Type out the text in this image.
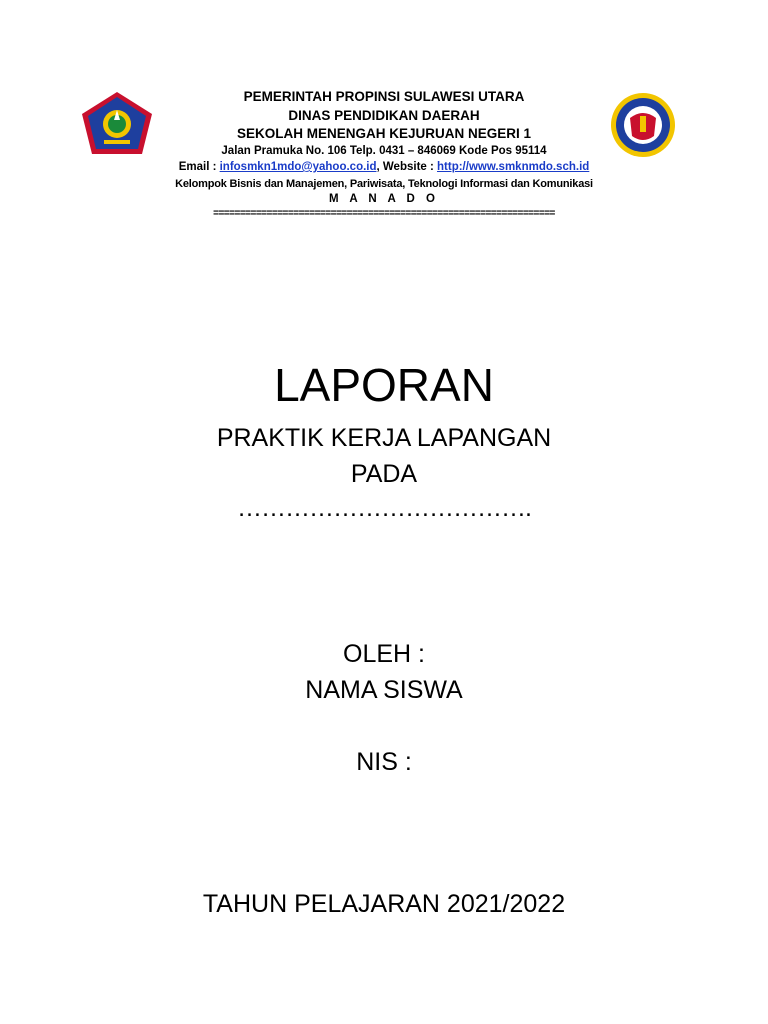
PEMERINTAH PROPINSI SULAWESI UTARA
DINAS PENDIDIKAN DAERAH
SEKOLAH MENENGAH KEJURUAN NEGERI 1
Jalan Pramuka No. 106 Telp. 0431 – 846069 Kode Pos 95114
Email : infosmkn1mdo@yahoo.co.id, Website : http://www.smknmdo.sch.id
Kelompok Bisnis dan Manajemen, Pariwisata, Teknologi Informasi dan Komunikasi
M A N A D O
================================================================
LAPORAN
PRAKTIK KERJA LAPANGAN
PADA
……………………………….
OLEH :
NAMA SISWA
NIS :
TAHUN PELAJARAN 2021/2022
